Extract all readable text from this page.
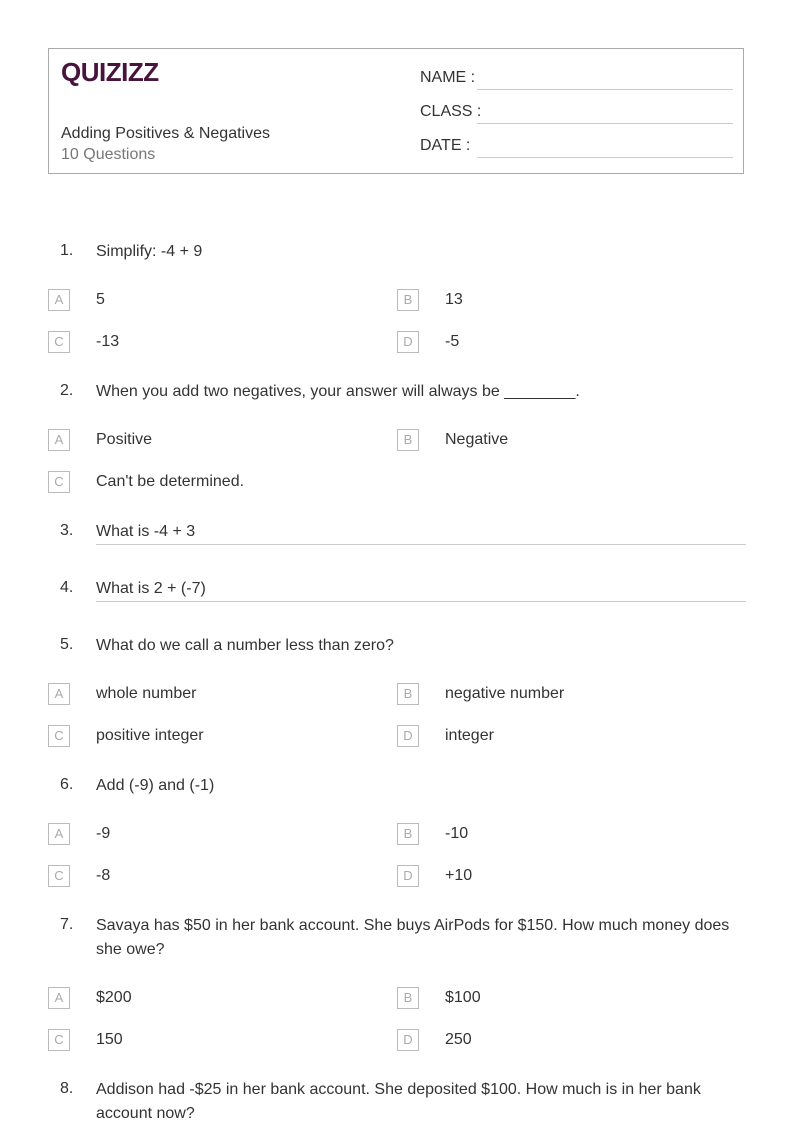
QUIZIZZ
Adding Positives & Negatives
10 Questions
NAME :
CLASS :
DATE :
1.	Simplify: -4 + 9
A	5	B	13
C	-13	D	-5
2.	When you add two negatives, your answer will always be ________.
A	Positive	B	Negative
C	Can't be determined.
3.	What is -4 + 3
4.	What is 2 + (-7)
5.	What do we call a number less than zero?
A	whole number	B	negative number
C	positive integer	D	integer
6.	Add (-9) and (-1)
A	-9	B	-10
C	-8	D	+10
7.	Savaya has $50 in her bank account. She buys AirPods for $150. How much money does she owe?
A	$200	B	$100
C	150	D	250
8.	Addison had -$25 in her bank account. She deposited $100. How much is in her bank account now?
